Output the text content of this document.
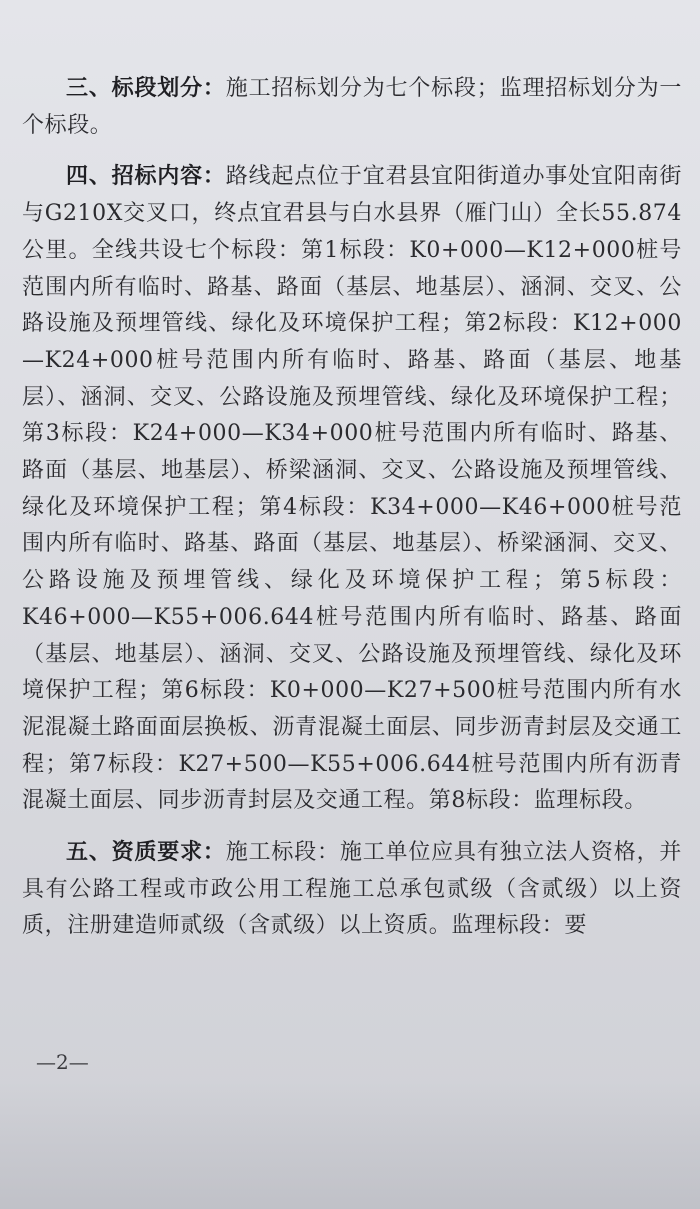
三、标段划分：施工招标划分为七个标段；监理招标划分为一个标段。

四、招标内容：路线起点位于宜君县宜阳街道办事处宜阳南街与G210X交叉口，终点宜君县与白水县界（雁门山）全长55.874公里。全线共设七个标段：第1标段：K0+000—K12+000桩号范围内所有临时、路基、路面（基层、地基层）、涵洞、交叉、公路设施及预埋管线、绿化及环境保护工程；第2标段：K12+000—K24+000桩号范围内所有临时、路基、路面（基层、地基层）、涵洞、交叉、公路设施及预埋管线、绿化及环境保护工程；第3标段：K24+000—K34+000桩号范围内所有临时、路基、路面（基层、地基层）、桥梁涵洞、交叉、公路设施及预埋管线、绿化及环境保护工程；第4标段：K34+000—K46+000桩号范围内所有临时、路基、路面（基层、地基层）、桥梁涵洞、交叉、公路设施及预埋管线、绿化及环境保护工程；第5标段：K46+000—K55+006.644桩号范围内所有临时、路基、路面（基层、地基层）、涵洞、交叉、公路设施及预埋管线、绿化及环境保护工程；第6标段：K0+000—K27+500桩号范围内所有水泥混凝土路面面层换板、沥青混凝土面层、同步沥青封层及交通工程；第7标段：K27+500—K55+006.644桩号范围内所有沥青混凝土面层、同步沥青封层及交通工程。第8标段：监理标段。

五、资质要求：施工标段：施工单位应具有独立法人资格，并具有公路工程或市政公用工程施工总承包贰级（含贰级）以上资质，注册建造师贰级（含贰级）以上资质。监理标段：要

—2—
